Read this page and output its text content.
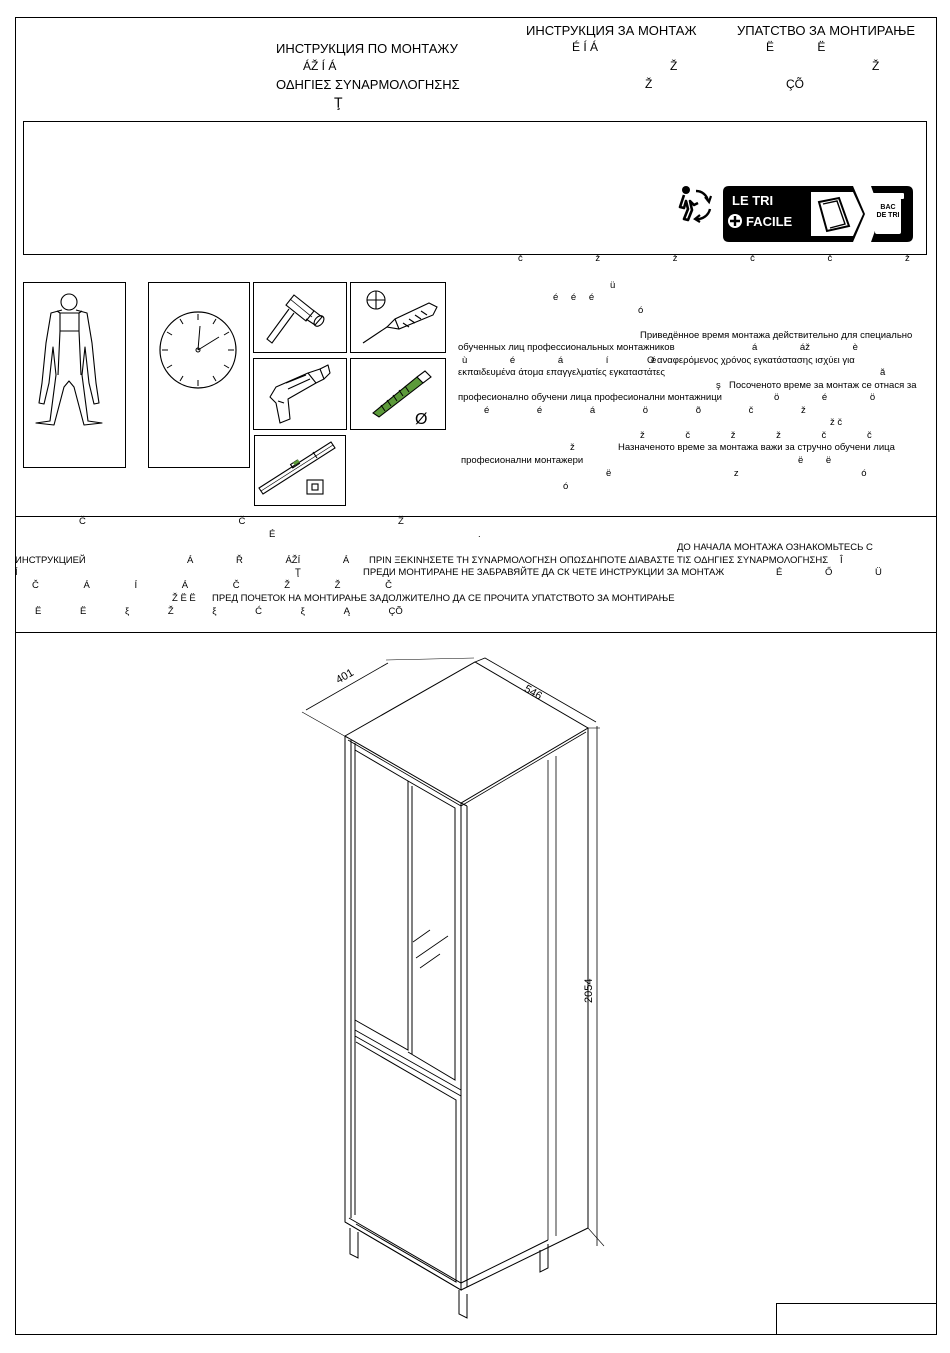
ИНСТРУКЦИЯ ЗА МОНТАЖ	УПАТСТВО ЗА МОНТИРАЊЕ
ИНСТРУКЦИЯ ПО МОНТАЖУ	É Í Á	Ë Ë
ÁŽ Í Á	Ž	Ž
ΟΔΗΓΙΕΣ ΣΥΝΑΡΜΟΛΟΓΗΣΗΣ	Ž	ÇÕ
Ţ
LE TRI
FACILE
BAC DE TRI
Ø
č ž ž č č ž
ü
é é é
ó
Приведённое время монтажа действительно для специально
обученных лиц профессиональных монтажников	á áž è
ù é á í é
Ο αναφερόμενος χρόνος εγκατάστασης ισχύει για
εκπαιδευμένα άτομα επαγγελματίες εγκαταστάτες	ă
ş Посоченото време за монтаж се отнася за
професионално обучени лица професионални монтажници	ö é ö
é é á ö õ č ž
ž č
ž č ž ž č č
ž	Назначеното време за монтажа важи за стручно обучени лица
професионални монтажери	ë ë
ë z ó
ó
Č Č Ž
É .
ДО НАЧАЛА МОНТАЖА ОЗНАКОМЬТЕСЬ С
ИНСТРУКЦИЕЙ	Á Ř ÁŽÍ Á ΠΡΙΝ ΞΕΚΙΝΗΣΕΤΕ ΤΗ ΣΥΝΑΡΜΟΛΟΓΗΣΗ ΟΠΩΣΔΗΠΟΤΕ ΔΙΑΒΑΣΤΕ ΤΙΣ ΟΔΗΓΙΕΣ ΣΥΝΑΡΜΟΛΟΓΗΣΗΣ Î
Í	Ţ	ПРЕДИ МОНТИРАНЕ НЕ ЗАБРАВЯЙТЕ ДА СК ЧЕТЕ ИНСТРУКЦИИ ЗА МОНТАЖ	É Ő Ü
Č Á Í Á Č Ž Ž Č
ПРЕД ПОЧЕТОК НА МОНТИРАЊЕ ЗАДОЛЖИТЕЛНО ДА СЕ ПРОЧИТА УПАТСТВОТО ЗА МОНТИРАЊЕ
Ž Ë Ë
Ë Ë ξ Ž ξ Ć ξ Ą ÇÕ
401
546
2054
